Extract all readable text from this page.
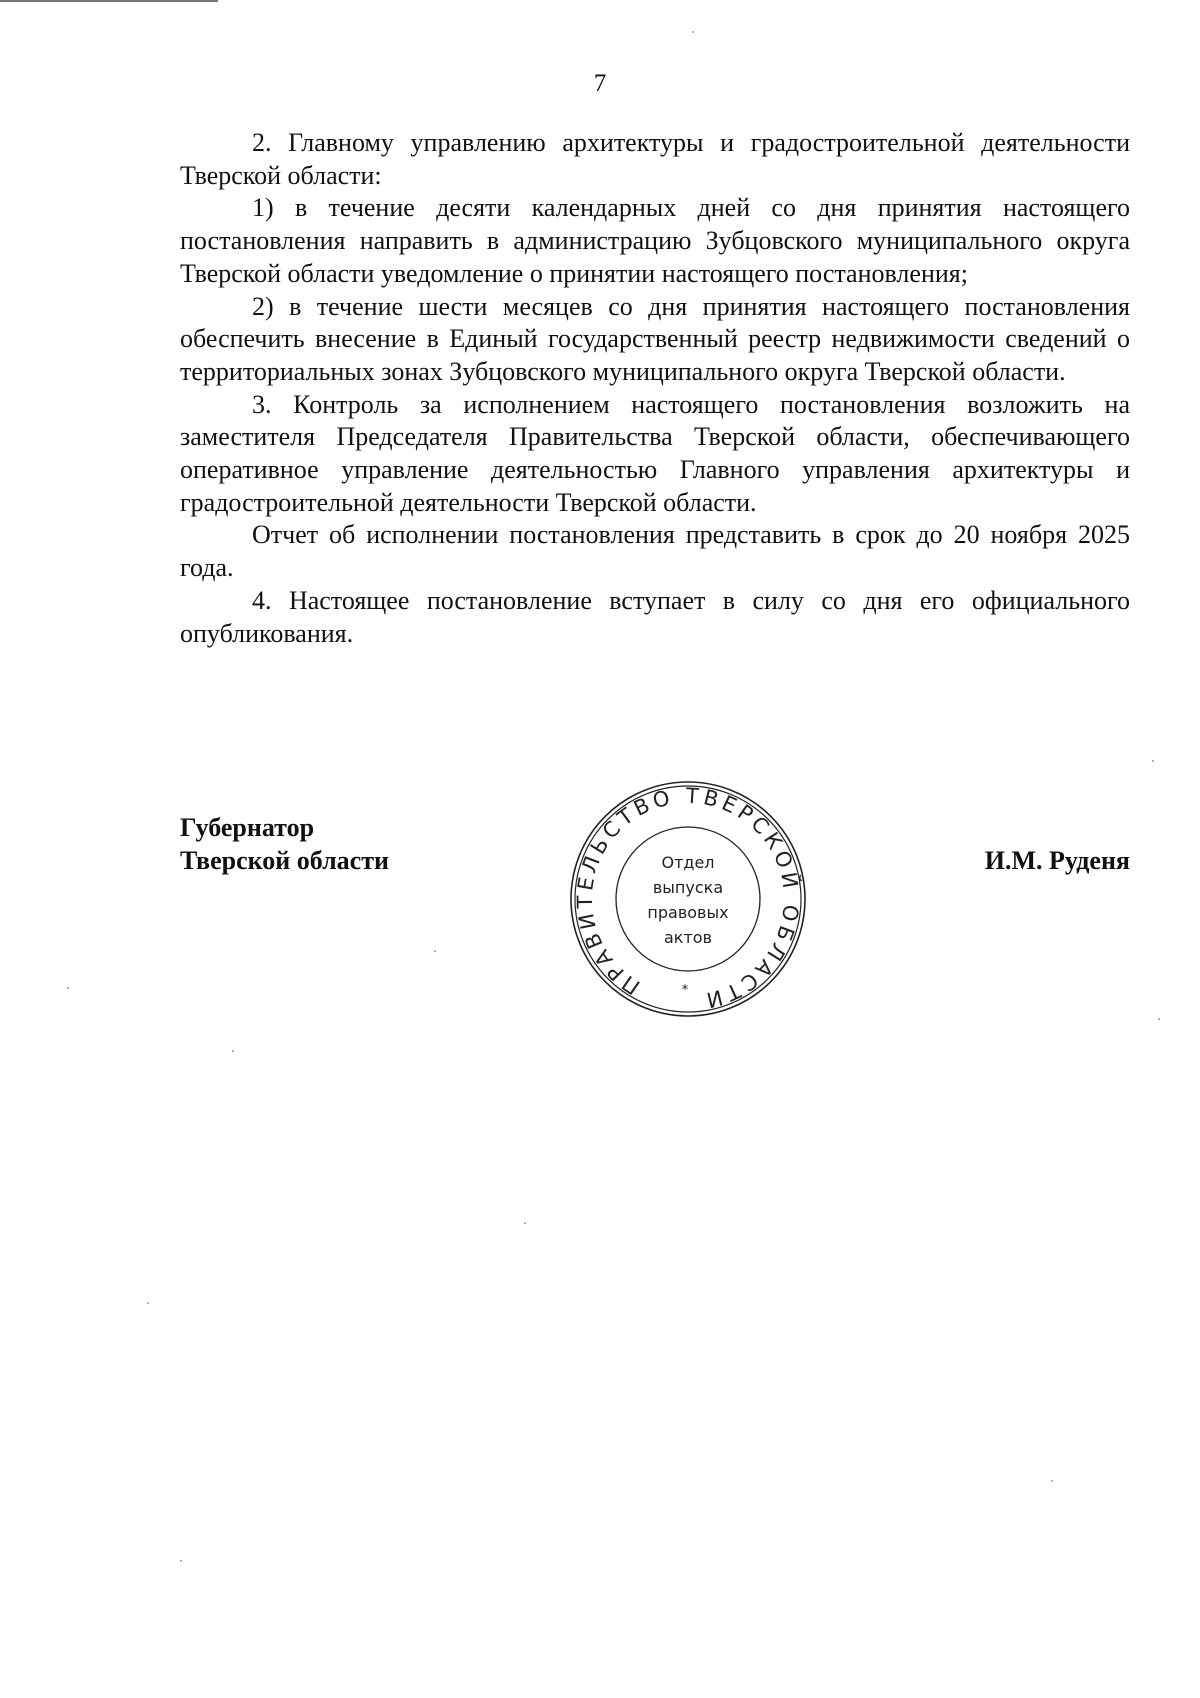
7

2. Главному управлению архитектуры и градостроительной деятельности Тверской области:

1) в течение десяти календарных дней со дня принятия настоящего постановления направить в администрацию Зубцовского муниципального округа Тверской области уведомление о принятии настоящего постановления;

2) в течение шести месяцев со дня принятия настоящего постановления обеспечить внесение в Единый государственный реестр недвижимости сведений о территориальных зонах Зубцовского муниципального округа Тверской области.

3. Контроль за исполнением настоящего постановления возложить на заместителя Председателя Правительства Тверской области, обеспечивающего оперативное управление деятельностью Главного управления архитектуры и градостроительной деятельности Тверской области.

Отчет об исполнении постановления представить в срок до 20 ноября 2025 года.

4. Настоящее постановление вступает в силу со дня его официального опубликования.

Губернатор
Тверской области	И.М. Руденя
ПРАВИТЕЛЬСТВО ТВЕРСКОЙ ОБЛАСТИ
Отдел
выпуска
правовых
актов
*
